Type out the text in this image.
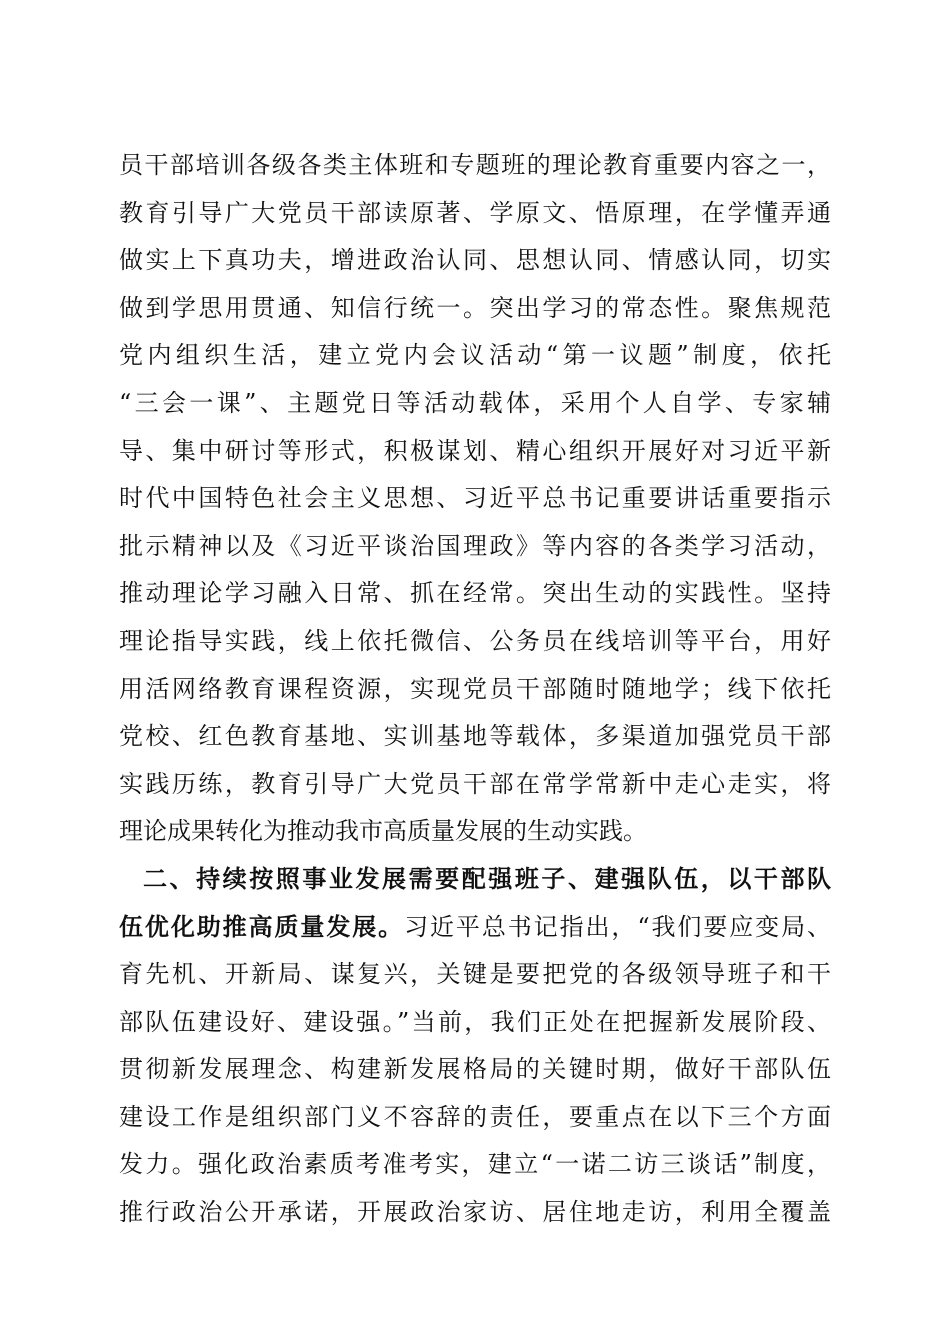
员干部培训各级各类主体班和专题班的理论教育重要内容之一，
教育引导广大党员干部读原著、学原文、悟原理，在学懂弄通
做实上下真功夫，增进政治认同、思想认同、情感认同，切实
做到学思用贯通、知信行统一。突出学习的常态性。聚焦规范
党内组织生活，建立党内会议活动“第一议题”制度，依托
“三会一课”、主题党日等活动载体，采用个人自学、专家辅
导、集中研讨等形式，积极谋划、精心组织开展好对习近平新
时代中国特色社会主义思想、习近平总书记重要讲话重要指示
批示精神以及《习近平谈治国理政》等内容的各类学习活动，
推动理论学习融入日常、抓在经常。突出生动的实践性。坚持
理论指导实践，线上依托微信、公务员在线培训等平台，用好
用活网络教育课程资源，实现党员干部随时随地学；线下依托
党校、红色教育基地、实训基地等载体，多渠道加强党员干部
实践历练，教育引导广大党员干部在常学常新中走心走实，将
理论成果转化为推动我市高质量发展的生动实践。
二、持续按照事业发展需要配强班子、建强队伍，以干部队
伍优化助推高质量发展。习近平总书记指出，“我们要应变局、
育先机、开新局、谋复兴，关键是要把党的各级领导班子和干
部队伍建设好、建设强。”当前，我们正处在把握新发展阶段、
贯彻新发展理念、构建新发展格局的关键时期，做好干部队伍
建设工作是组织部门义不容辞的责任，要重点在以下三个方面
发力。强化政治素质考准考实，建立“一诺二访三谈话”制度，
推行政治公开承诺，开展政治家访、居住地走访，利用全覆盖
